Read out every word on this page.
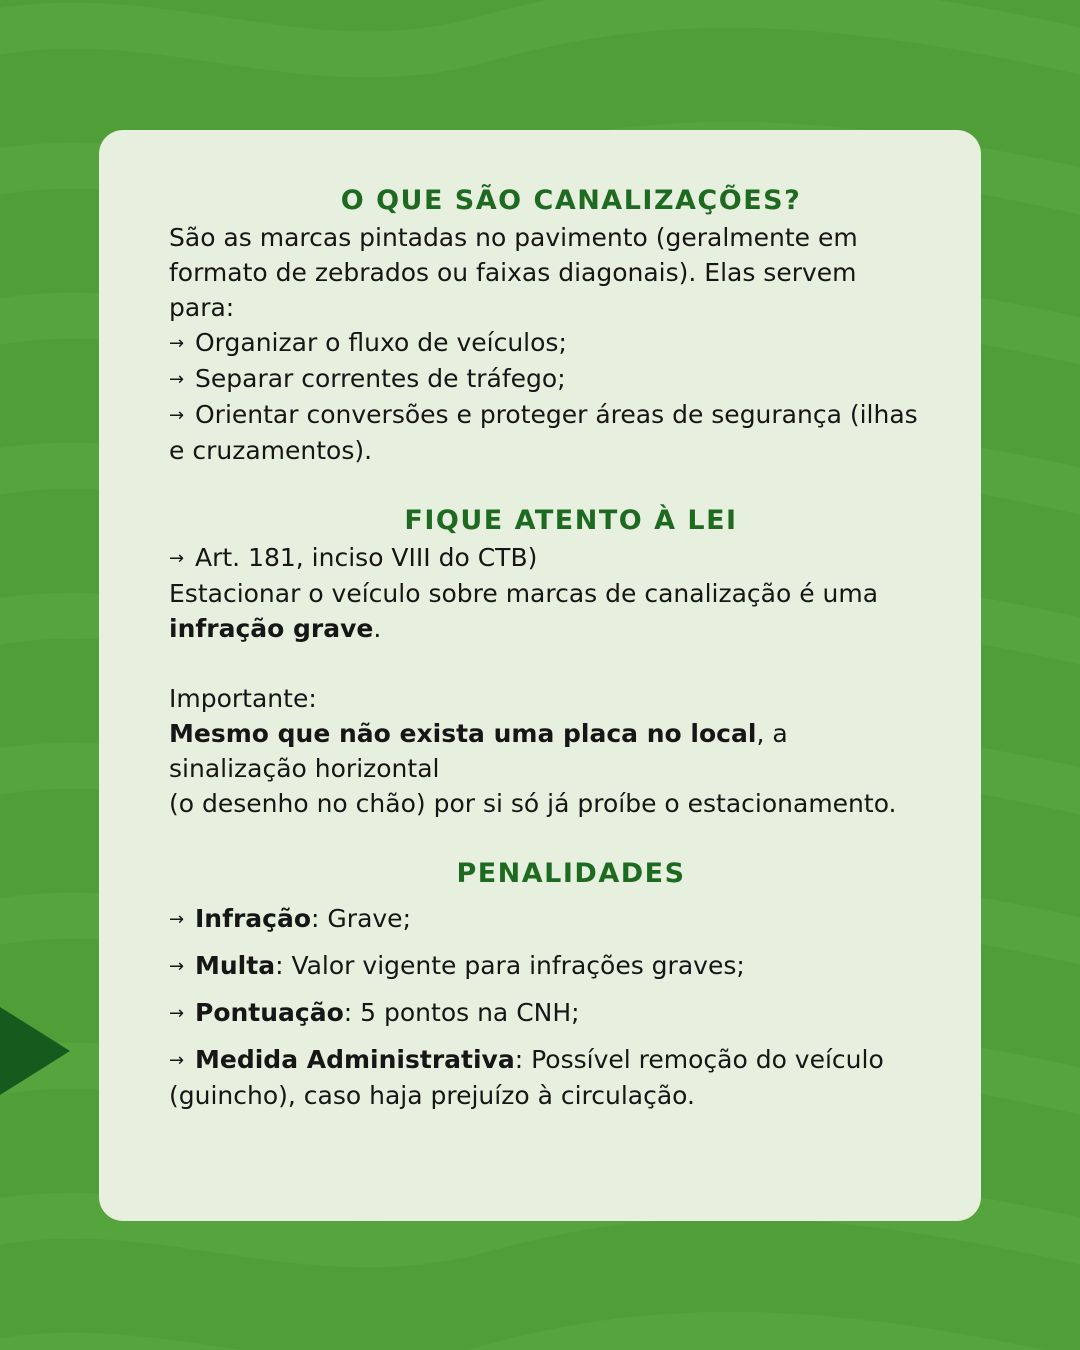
O QUE SÃO CANALIZAÇÕES?

São as marcas pintadas no pavimento (geralmente em formato de zebrados ou faixas diagonais). Elas servem para:

→ Organizar o fluxo de veículos;
→ Separar correntes de tráfego;
→ Orientar conversões e proteger áreas de segurança (ilhas e cruzamentos).
FIQUE ATENTO À LEI

→ Art. 181, inciso VIII do CTB)

Estacionar o veículo sobre marcas de canalização é uma infração grave.

Importante:

Mesmo que não exista uma placa no local, a sinalização horizontal

(o desenho no chão) por si só já proíbe o estacionamento.

PENALIDADES
→ Infração: Grave;
→ Multa: Valor vigente para infrações graves;
→ Pontuação: 5 pontos na CNH;
→ Medida Administrativa: Possível remoção do veículo (guincho), caso haja prejuízo à circulação.
